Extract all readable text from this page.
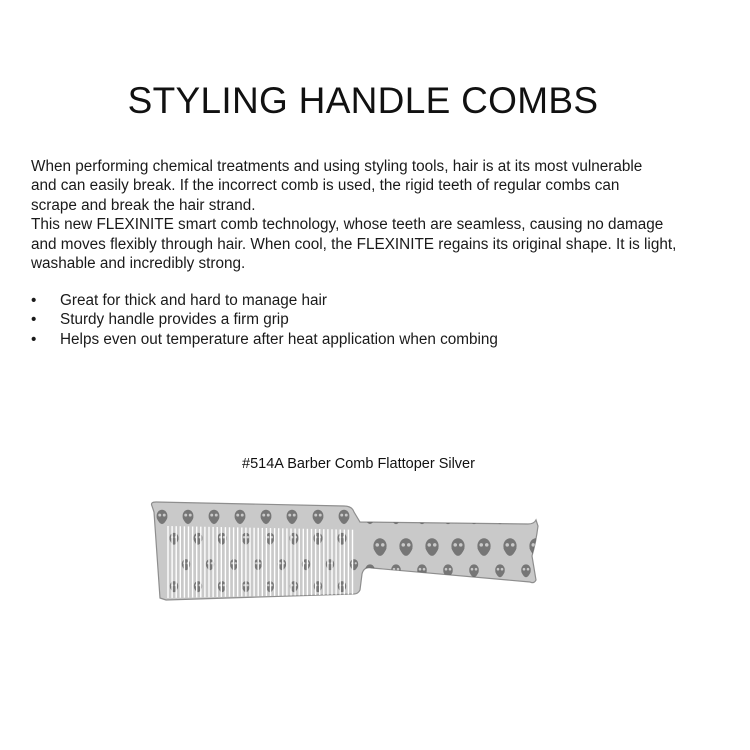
STYLING HANDLE COMBS
When performing chemical treatments and using styling tools, hair is at its most vulnerable
and can easily break. If the incorrect comb is used, the rigid teeth of regular combs can
scrape and break the hair strand.
This new FLEXINITE smart comb technology, whose teeth are seamless, causing no damage
and moves flexibly through hair. When cool, the FLEXINITE regains its original shape. It is light,
washable and incredibly strong.
•	Great for thick and hard to manage hair
•	Sturdy handle provides a firm grip
•	Helps even out temperature after heat application when combing
#514A Barber Comb Flattoper Silver
